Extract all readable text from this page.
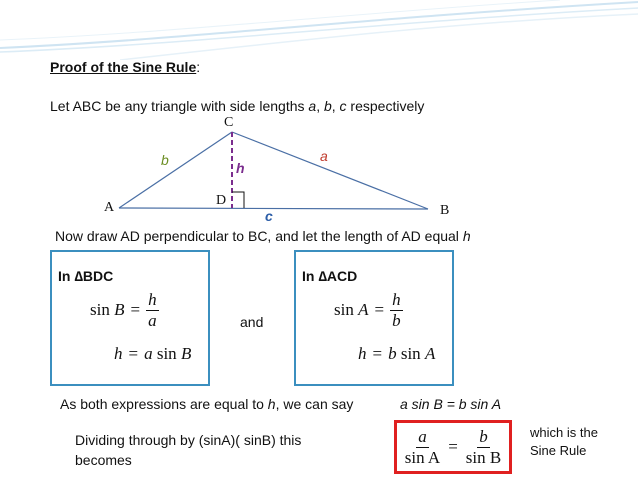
Proof of the Sine Rule:
Let ABC be any triangle with side lengths a, b, c respectively
C
A	B
D
b	a
h
c
Now draw AD perpendicular to BC, and let the length of AD equal h
In ∆BDC
sin
$B = \frac{h}{a}$
h = a
sin
B
and
In ∆ACD
sin
$A = \frac{h}{b}$
h = b
sin
A
As both expressions are equal to h, we can say	a sin B = b sin A
Dividing through by (sinA)( sinB) this
becomes	$\frac{a}{\text{sin A}} = \frac{b}{\text{sin B}}$ which is the
Sine Rule
